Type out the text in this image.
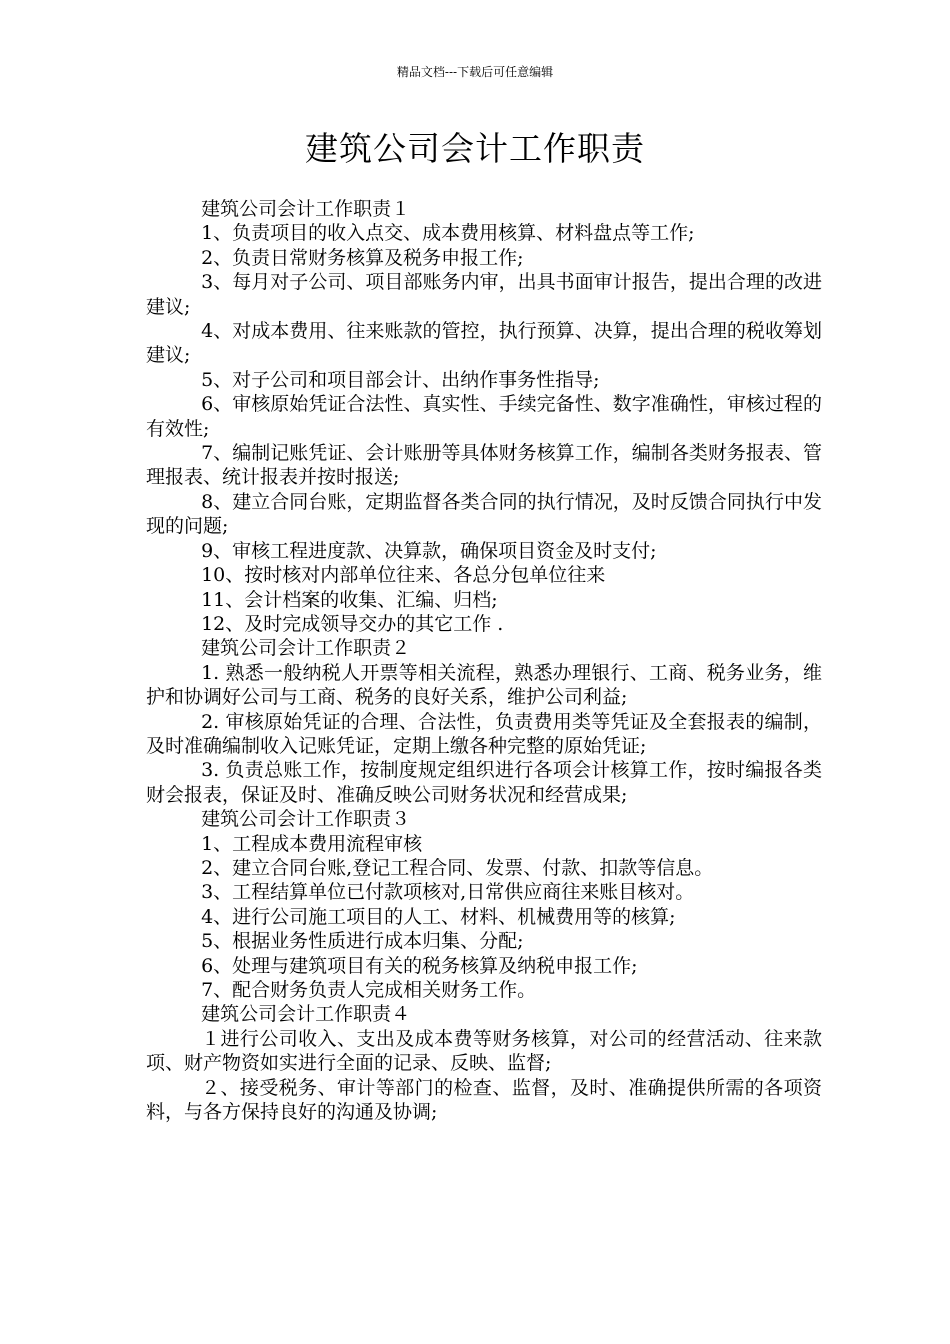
精品文档---下载后可任意编辑
建筑公司会计工作职责

建筑公司会计工作职责１

1、负责项目的收入点交、成本费用核算、材料盘点等工作;

2、负责日常财务核算及税务申报工作;

3、每月对子公司、项目部账务内审，出具书面审计报告，提出合理的改进建议;

4、对成本费用、往来账款的管控，执行预算、决算，提出合理的税收筹划建议;

5、对子公司和项目部会计、出纳作事务性指导;

6、审核原始凭证合法性、真实性、手续完备性、数字准确性，审核过程的有效性;

7、编制记账凭证、会计账册等具体财务核算工作，编制各类财务报表、管理报表、统计报表并按时报送;

8、建立合同台账，定期监督各类合同的执行情况，及时反馈合同执行中发现的问题;

9、审核工程进度款、决算款，确保项目资金及时支付;

10、按时核对内部单位往来、各总分包单位往来

11、会计档案的收集、汇编、归档;

12、及时完成领导交办的其它工作 .

建筑公司会计工作职责２

1. 熟悉一般纳税人开票等相关流程，熟悉办理银行、工商、税务业务，维护和协调好公司与工商、税务的良好关系，维护公司利益;

2. 审核原始凭证的合理、合法性，负责费用类等凭证及全套报表的编制，及时准确编制收入记账凭证，定期上缴各种完整的原始凭证;

3. 负责总账工作，按制度规定组织进行各项会计核算工作，按时编报各类财会报表，保证及时、准确反映公司财务状况和经营成果;

建筑公司会计工作职责３

1、工程成本费用流程审核

2、建立合同台账,登记工程合同、发票、付款、扣款等信息。

3、工程结算单位已付款项核对,日常供应商往来账目核对。

4、进行公司施工项目的人工、材料、机械费用等的核算;

5、根据业务性质进行成本归集、分配;

6、处理与建筑项目有关的税务核算及纳税申报工作;

7、配合财务负责人完成相关财务工作。

建筑公司会计工作职责４

１进行公司收入、支出及成本费等财务核算，对公司的经营活动、往来款项、财产物资如实进行全面的记录、反映、监督;

２、接受税务、审计等部门的检查、监督，及时、准确提供所需的各项资料，与各方保持良好的沟通及协调;
